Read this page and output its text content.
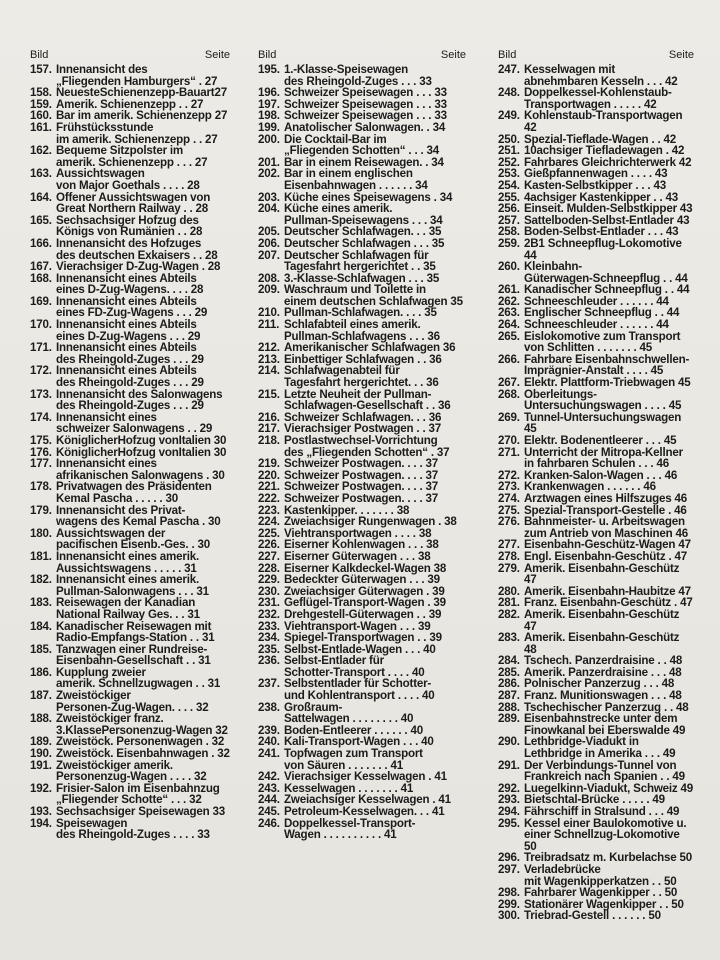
Bild	Seite
157. Innenansicht des
„Fliegenden Hamburgers“ . 27
158. NeuesteSchienenzepp-Bauart27
159. Amerik. Schienenzepp . . 27
160. Bar im amerik. Schienenzepp 27
161. Frühstücksstunde
im amerik. Schienenzepp . . 27
162. Bequeme Sitzpolster im
amerik. Schienenzepp . . . 27
163. Aussichtswagen
von Major Goethals . . . . 28
164. Offener Aussichtswagen von
Great Northern Railway . . 28
165. Sechsachsiger Hofzug des
Königs von Rumänien . . 28
166. Innenansicht des Hofzuges
des deutschen Exkaisers . . 28
167. Vierachsiger D-Zug-Wagen . 28
168. Innenansicht eines Abteils
eines D-Zug-Wagens. . . . 28
169. Innenansicht eines Abteils
eines FD-Zug-Wagens . . . 29
170. Innenansicht eines Abteils
eines D-Zug-Wagens . . . 29
171. Innenansicht eines Abteils
des Rheingold-Zuges . . . 29
172. Innenansicht eines Abteils
des Rheingold-Zuges . . . 29
173. Innenansicht des Salonwagens
des Rheingold-Zuges . . . 29
174. Innenansicht eines
schweizer Salonwagens . . 29
175. KöniglicherHofzug vonItalien 30
176. KöniglicherHofzug vonItalien 30
177. Innenansicht eines
afrikanischen Salonwagens . 30
178. Privatwagen des Präsidenten
Kemal Pascha . . . . . 30
179. Innenansicht des Privat-
wagens des Kemal Pascha . 30
180. Aussichtswagen der
pacifischen Eisenb.-Ges. . 30
181. Innenansicht eines amerik.
Aussichtswagens . . . . . 31
182. Innenansicht eines amerik.
Pullman-Salonwagens . . . 31
183. Reisewagen der Kanadian
National Railway Ges. . . 31
184. Kanadischer Reisewagen mit
Radio-Empfangs-Station . . 31
185. Tanzwagen einer Rundreise-
Eisenbahn-Gesellschaft . . 31
186. Kupplung zweier
amerik. Schnellzugwagen . . 31
187. Zweistöckiger
Personen-Zug-Wagen. . . . 32
188. Zweistöckiger franz.
3.KlassePersonenzug-Wagen 32
189. Zweistöck. Personenwagen . 32
190. Zweistöck. Eisenbahnwagen . 32
191. Zweistöckiger amerik.
Personenzug-Wagen . . . . 32
192. Frisier-Salon im Eisenbahnzug
„Fliegender Schotte“ . . . 32
193. Sechsachsiger Speisewagen 33
194. Speisewagen
des Rheingold-Zuges . . . . 33
Bild	Seite
195. 1.-Klasse-Speisewagen
des Rheingold-Zuges . . . 33
196. Schweizer Speisewagen . . . 33
197. Schweizer Speisewagen . . . 33
198. Schweizer Speisewagen . . . 33
199. Anatolischer Salonwagen. . 34
200. Die Cocktail-Bar im
„Fliegenden Schotten“ . . . 34
201. Bar in einem Reisewagen. . 34
202. Bar in einem englischen
Eisenbahnwagen . . . . . . 34
203. Küche eines Speisewagens . 34
204. Küche eines amerik.
Pullman-Speisewagens . . . 34
205. Deutscher Schlafwagen. . . 35
206. Deutscher Schlafwagen . . . 35
207. Deutscher Schlafwagen für
Tagesfahrt hergerichtet . . 35
208. 3.-Klasse-Schlafwagen . . . 35
209. Waschraum und Toilette in
einem deutschen Schlafwagen 35
210. Pullman-Schlafwagen. . . . 35
211. Schlafabteil eines amerik.
Pullman-Schlafwagens . . . 36
212. Amerikanischer Schlafwagen 36
213. Einbettiger Schlafwagen . . 36
214. Schlafwagenabteil für
Tagesfahrt hergerichtet. . . 36
215. Letzte Neuheit der Pullman-
Schlafwagen-Gesellschaft . . 36
216. Schweizer Schlafwagen. . . 36
217. Vierachsiger Postwagen . . 37
218. Postlastwechsel-Vorrichtung
des „Fliegenden Schotten“ . 37
219. Schweizer Postwagen. . . . 37
220. Schweizer Postwagen. . . . 37
221. Schweizer Postwagen. . . . 37
222. Schweizer Postwagen. . . . 37
223. Kastenkipper. . . . . . . 38
224. Zweiachsiger Rungenwagen . 38
225. Viehtransportwagen . . . . 38
226. Eiserner Kohlenwagen . . . 38
227. Eiserner Güterwagen . . . 38
228. Eiserner Kalkdeckel-Wagen 38
229. Bedeckter Güterwagen . . . 39
230. Zweiachsiger Güterwagen . 39
231. Geflügel-Transport-Wagen . 39
232. Drehgestell-Güterwagen . . 39
233. Viehtransport-Wagen . . . 39
234. Spiegel-Transportwagen . . 39
235. Selbst-Entlade-Wagen . . . 40
236. Selbst-Entlader für
Schotter-Transport . . . . 40
237. Selbstentlader für Schotter-
und Kohlentransport . . . . 40
238. Großraum-
Sattelwagen . . . . . . . . 40
239. Boden-Entleerer . . . . . . 40
240. Kali-Transport-Wagen . . . 40
241. Topfwagen zum Transport
von Säuren . . . . . . . 41
242. Vierachsiger Kesselwagen . 41
243. Kesselwagen . . . . . . . 41
244. Zweiachsiger Kesselwagen . 41
245. Petroleum-Kesselwagen. . . 41
246. Doppelkessel-Transport-
Wagen . . . . . . . . . . 41
Bild	Seite
247. Kesselwagen mit
abnehmbaren Kesseln . . . 42
248. Doppelkessel-Kohlenstaub-
Transportwagen . . . . . 42
249. Kohlenstaub-Transportwagen 42
250. Spezial-Tieflade-Wagen . . 42
251. 10achsiger Tiefladewagen . 42
252. Fahrbares Gleichrichterwerk 42
253. Gießpfannenwagen . . . . 43
254. Kasten-Selbstkipper . . . 43
255. 4achsiger Kastenkipper . . 43
256. Einseit. Mulden-Selbstkipper 43
257. Sattelboden-Selbst-Entlader 43
258. Boden-Selbst-Entlader . . . 43
259. 2B1 Schneepflug-Lokomotive 44
260. Kleinbahn-
Güterwagen-Schneepflug . . 44
261. Kanadischer Schneepflug . . 44
262. Schneeschleuder . . . . . . 44
263. Englischer Schneepflug . . 44
264. Schneeschleuder . . . . . . 44
265. Eislokomotive zum Transport
von Schlitten . . . . . . . 45
266. Fahrbare Eisenbahnschwellen-
Imprägnier-Anstalt . . . . 45
267. Elektr. Plattform-Triebwagen 45
268. Oberleitungs-
Untersuchungswagen . . . . 45
269. Tunnel-Untersuchungswagen 45
270. Elektr. Bodenentleerer . . . 45
271. Unterricht der Mitropa-Kellner
in fahrbaren Schulen . . . 46
272. Kranken-Salon-Wagen . . . 46
273. Krankenwagen . . . . . . 46
274. Arztwagen eines Hilfszuges 46
275. Spezial-Transport-Gestelle . 46
276. Bahnmeister- u. Arbeitswagen
zum Antrieb von Maschinen 46
277. Eisenbahn-Geschütz-Wagen 47
278. Engl. Eisenbahn-Geschütz . 47
279. Amerik. Eisenbahn-Geschütz 47
280. Amerik. Eisenbahn-Haubitze 47
281. Franz. Eisenbahn-Geschütz . 47
282. Amerik. Eisenbahn-Geschütz 47
283. Amerik. Eisenbahn-Geschütz 48
284. Tschech. Panzerdraisine . . 48
285. Amerik. Panzerdraisine . . . 48
286. Polnischer Panzerzug . . . 48
287. Franz. Munitionswagen . . . 48
288. Tschechischer Panzerzug . . 48
289. Eisenbahnstrecke unter dem
Finowkanal bei Eberswalde 49
290. Lethbridge-Viadukt in
Lethbridge in Amerika . . . 49
291. Der Verbindungs-Tunnel von
Frankreich nach Spanien . . 49
292. Luegelkinn-Viadukt, Schweiz 49
293. Bietschtal-Brücke . . . . . 49
294. Fährschiff in Stralsund . . . 49
295. Kessel einer Baulokomotive u.
einer Schnellzug-Lokomotive 50
296. Treibradsatz m. Kurbelachse 50
297. Verladebrücke
mit Wagenkipperkatzen . . 50
298. Fahrbarer Wagenkipper . . 50
299. Stationärer Wagenkipper . . 50
300. Triebrad-Gestell . . . . . . 50
